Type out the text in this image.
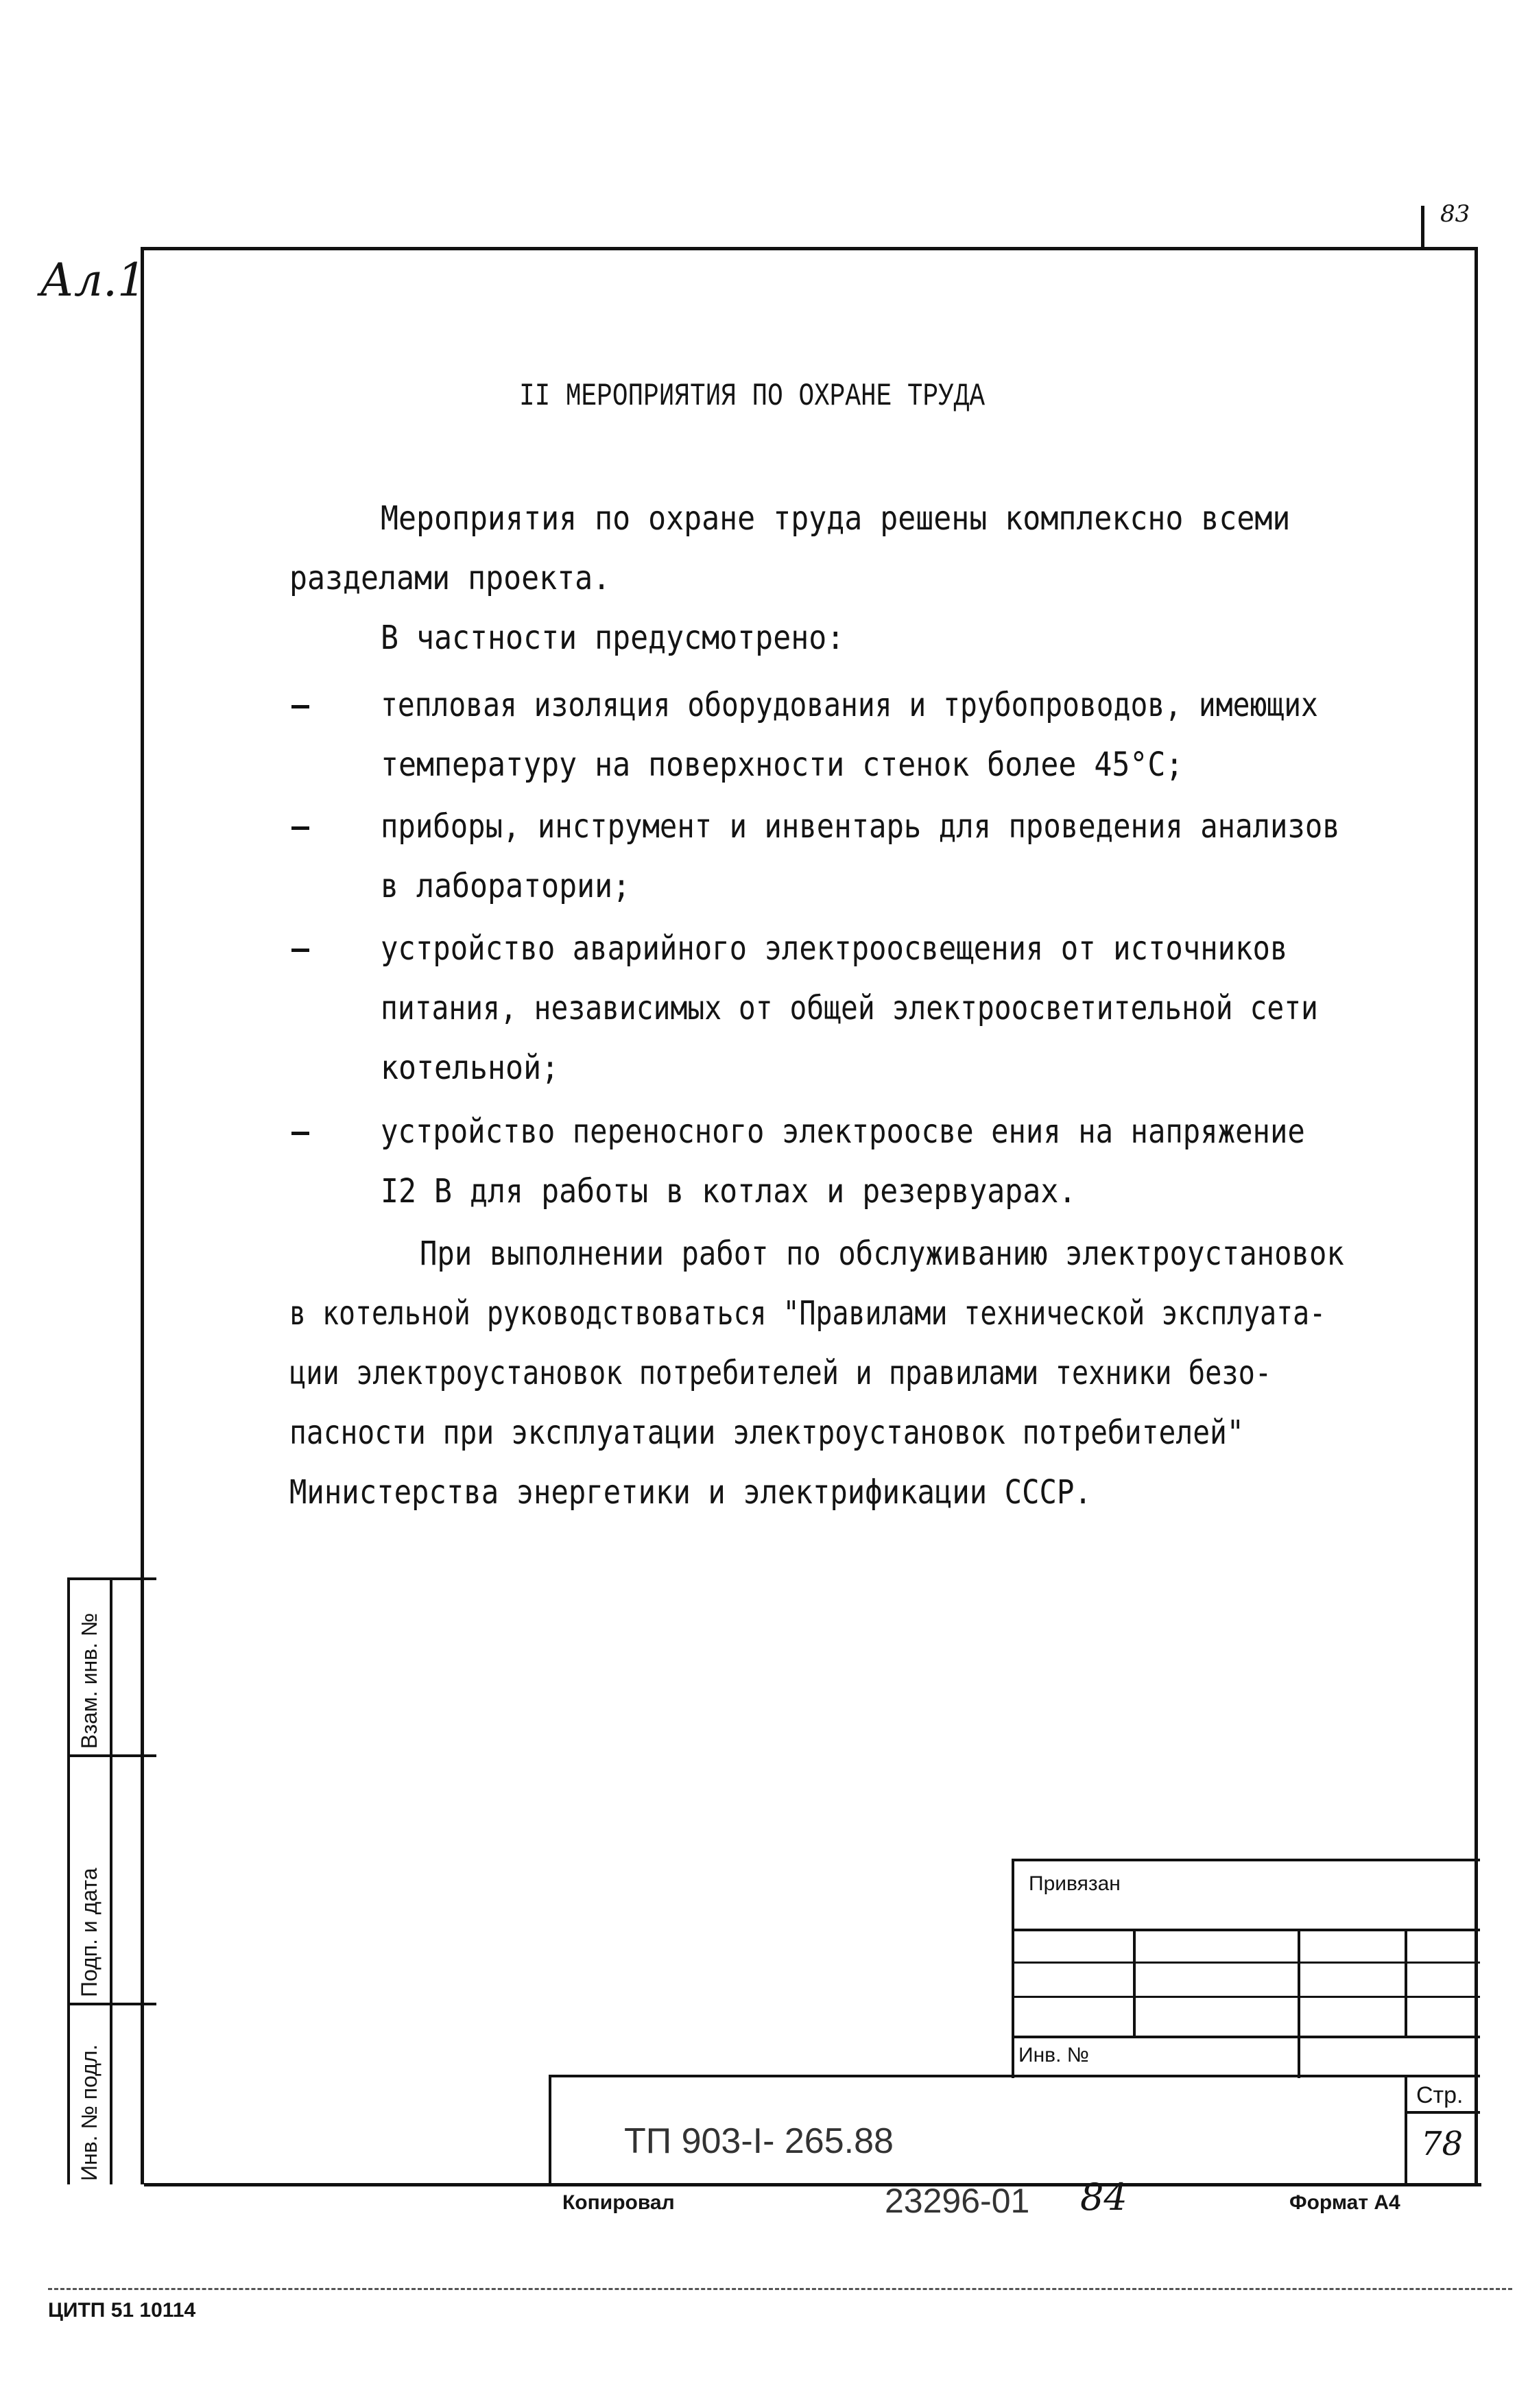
83
Ал.1
II МЕРОПРИЯТИЯ ПО ОХРАНЕ ТРУДА
Мероприятия по охране труда решены комплексно всеми
разделами проекта.
В частности предусмотрено:
тепловая изоляция оборудования и трубопроводов, имеющих
температуру на поверхности стенок более 45°С;
приборы, инструмент и инвентарь для проведения анализов
в лаборатории;
устройство аварийного электроосвещения от источников
питания, независимых от общей электроосветительной сети
котельной;
устройство переносного электроосве ения на напряжение
I2 В для работы в котлах и резервуарах.
При выполнении работ по обслуживанию электроустановок
в котельной руководствоваться "Правилами технической эксплуата-
ции электроустановок потребителей и правилами техники безо-
пасности при эксплуатации электроустановок потребителей"
Министерства энергетики и электрификации СССР.
Взам. инв. №
Подп. и дата
Инв. № подл.
Привязан
Инв. №
Стр.
78
ТП 903-I- 265.88
Копировал	23296-01 84	Формат А4
ЦИТП 51 10114
